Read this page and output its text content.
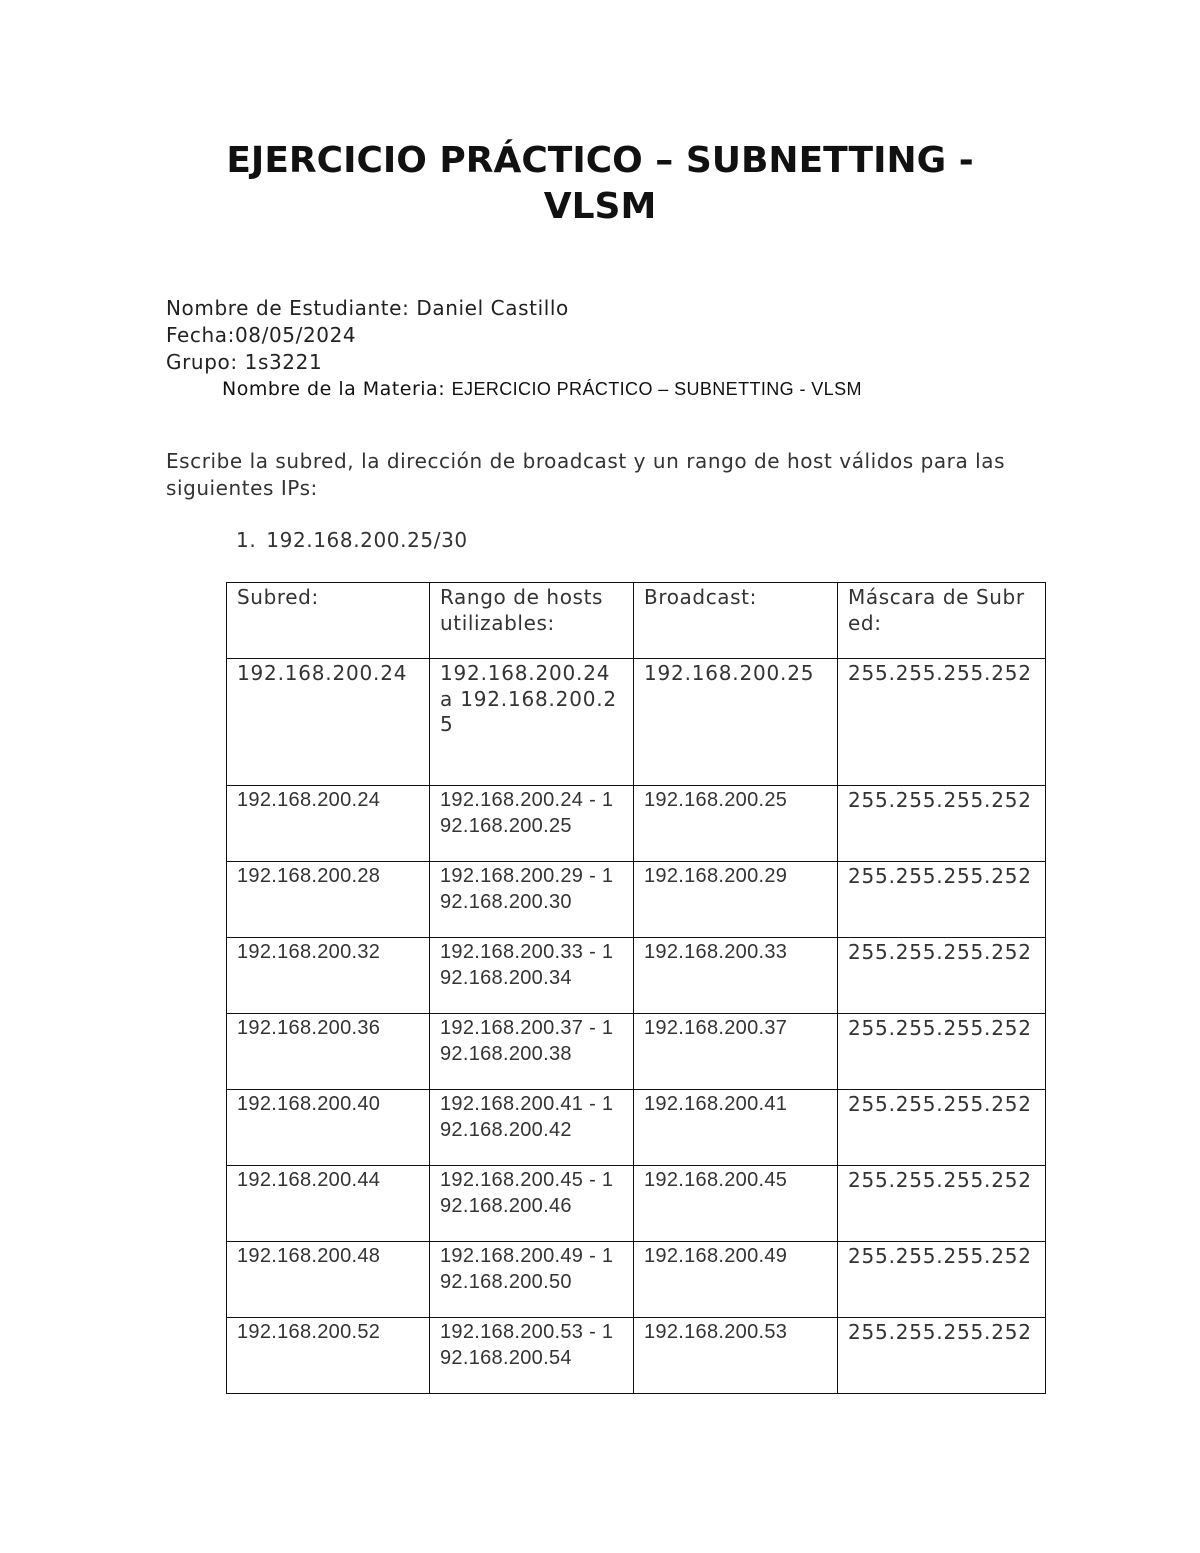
EJERCICIO PRÁCTICO – SUBNETTING -
VLSM
Nombre de Estudiante: Daniel Castillo
Fecha:08/05/2024
Grupo: 1s3221
Nombre de la Materia: EJERCICIO PRÁCTICO – SUBNETTING - VLSM
Escribe la subred, la dirección de broadcast y un rango de host válidos para las siguientes IPs:
1. 192.168.200.25/30
Subred:	Rango de hosts utilizables:	Broadcast:	Máscara de Subred:
192.168.200.24	192.168.200.24 a 192.168.200.25	192.168.200.25	255.255.255.252
192.168.200.24	192.168.200.24 - 192.168.200.25	192.168.200.25	255.255.255.252
192.168.200.28	192.168.200.29 - 192.168.200.30	192.168.200.29	255.255.255.252
192.168.200.32	192.168.200.33 - 192.168.200.34	192.168.200.33	255.255.255.252
192.168.200.36	192.168.200.37 - 192.168.200.38	192.168.200.37	255.255.255.252
192.168.200.40	192.168.200.41 - 192.168.200.42	192.168.200.41	255.255.255.252
192.168.200.44	192.168.200.45 - 192.168.200.46	192.168.200.45	255.255.255.252
192.168.200.48	192.168.200.49 - 192.168.200.50	192.168.200.49	255.255.255.252
192.168.200.52	192.168.200.53 - 192.168.200.54	192.168.200.53	255.255.255.252
